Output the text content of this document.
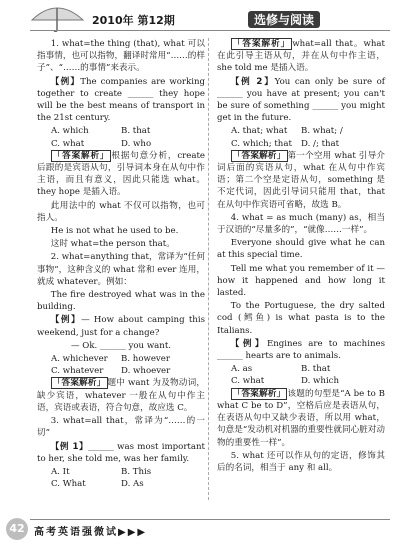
2010年 第12期	选修与阅读

1. what=the thing (that), what 可以指事情，也可以指物，翻译时常用“……的样子”、“……的事情”来表示。

【例】The companies are working together to create ______ they hope will be the best means of transport in the 21st century.

A. which	B. that
C. what	D. who

「答案解析」 根据句意分析，create 后跟的是宾语从句，引导词本身在从句中作主语，而且有意义，因此只能选 what。they hope 是插入语。

此用法中的 what 不仅可以指物，也可指人。

He is not what he used to be.

这时 what=the person that。

2. what=anything that，常译为“任何事物”，这种含义的 what 常和 ever 连用，就成 whatever。例如：

The fire destroyed what was in the building.

【例】— How about camping this weekend, just for a change?

— Ok. ______ you want.

A. whichever	B. however
C. whatever	D. whoever

「答案解析」 题中 want 为及物动词，缺少宾语，whatever 一般在从句中作主语，宾语或表语，符合句意，故应选 C。

3. what=all that，常译为“……的一切”

【例 1】______ was most important to her, she told me, was her family.

A. It	B. This
C. What	D. As

「答案解析」 what=all that。what 在此引导主语从句，并在从句中作主语，she told me 是插入语。

【例 2】You can only be sure of ______ you have at present; you can't be sure of something ______ you might get in the future.

A. that; what	B. what; /
C. which; that	D. /; that

「答案解析」 第一个空用 what 引导介词后面的宾语从句，what 在从句中作宾语；第二个空是定语从句，something 是不定代词，因此引导词只能用 that，that 在从句中作宾语可省略，故选 B。

4. what = as much (many) as，相当于汉语的“尽量多的”，“就像……一样”。

Everyone should give what he can at this special time.

Tell me what you remember of it — how it happened and how long it lasted.

To the Portuguese, the dry salted cod (鳕鱼) is what pasta is to the Italians.

【例】Engines are to machines ______ hearts are to animals.

A. as	B. that
C. what	D. which

「答案解析」 该题的句型是“A be to B what C be to D”，空格后应是表语从句，在表语从句中又缺少表语，所以用 what，句意是“发动机对机器的重要性就同心脏对动物的重要性一样”。

5. what 还可以作从句的定语，修饰其后的名词，相当于 any 和 all。

42 高考英语强微试▶▶▶
